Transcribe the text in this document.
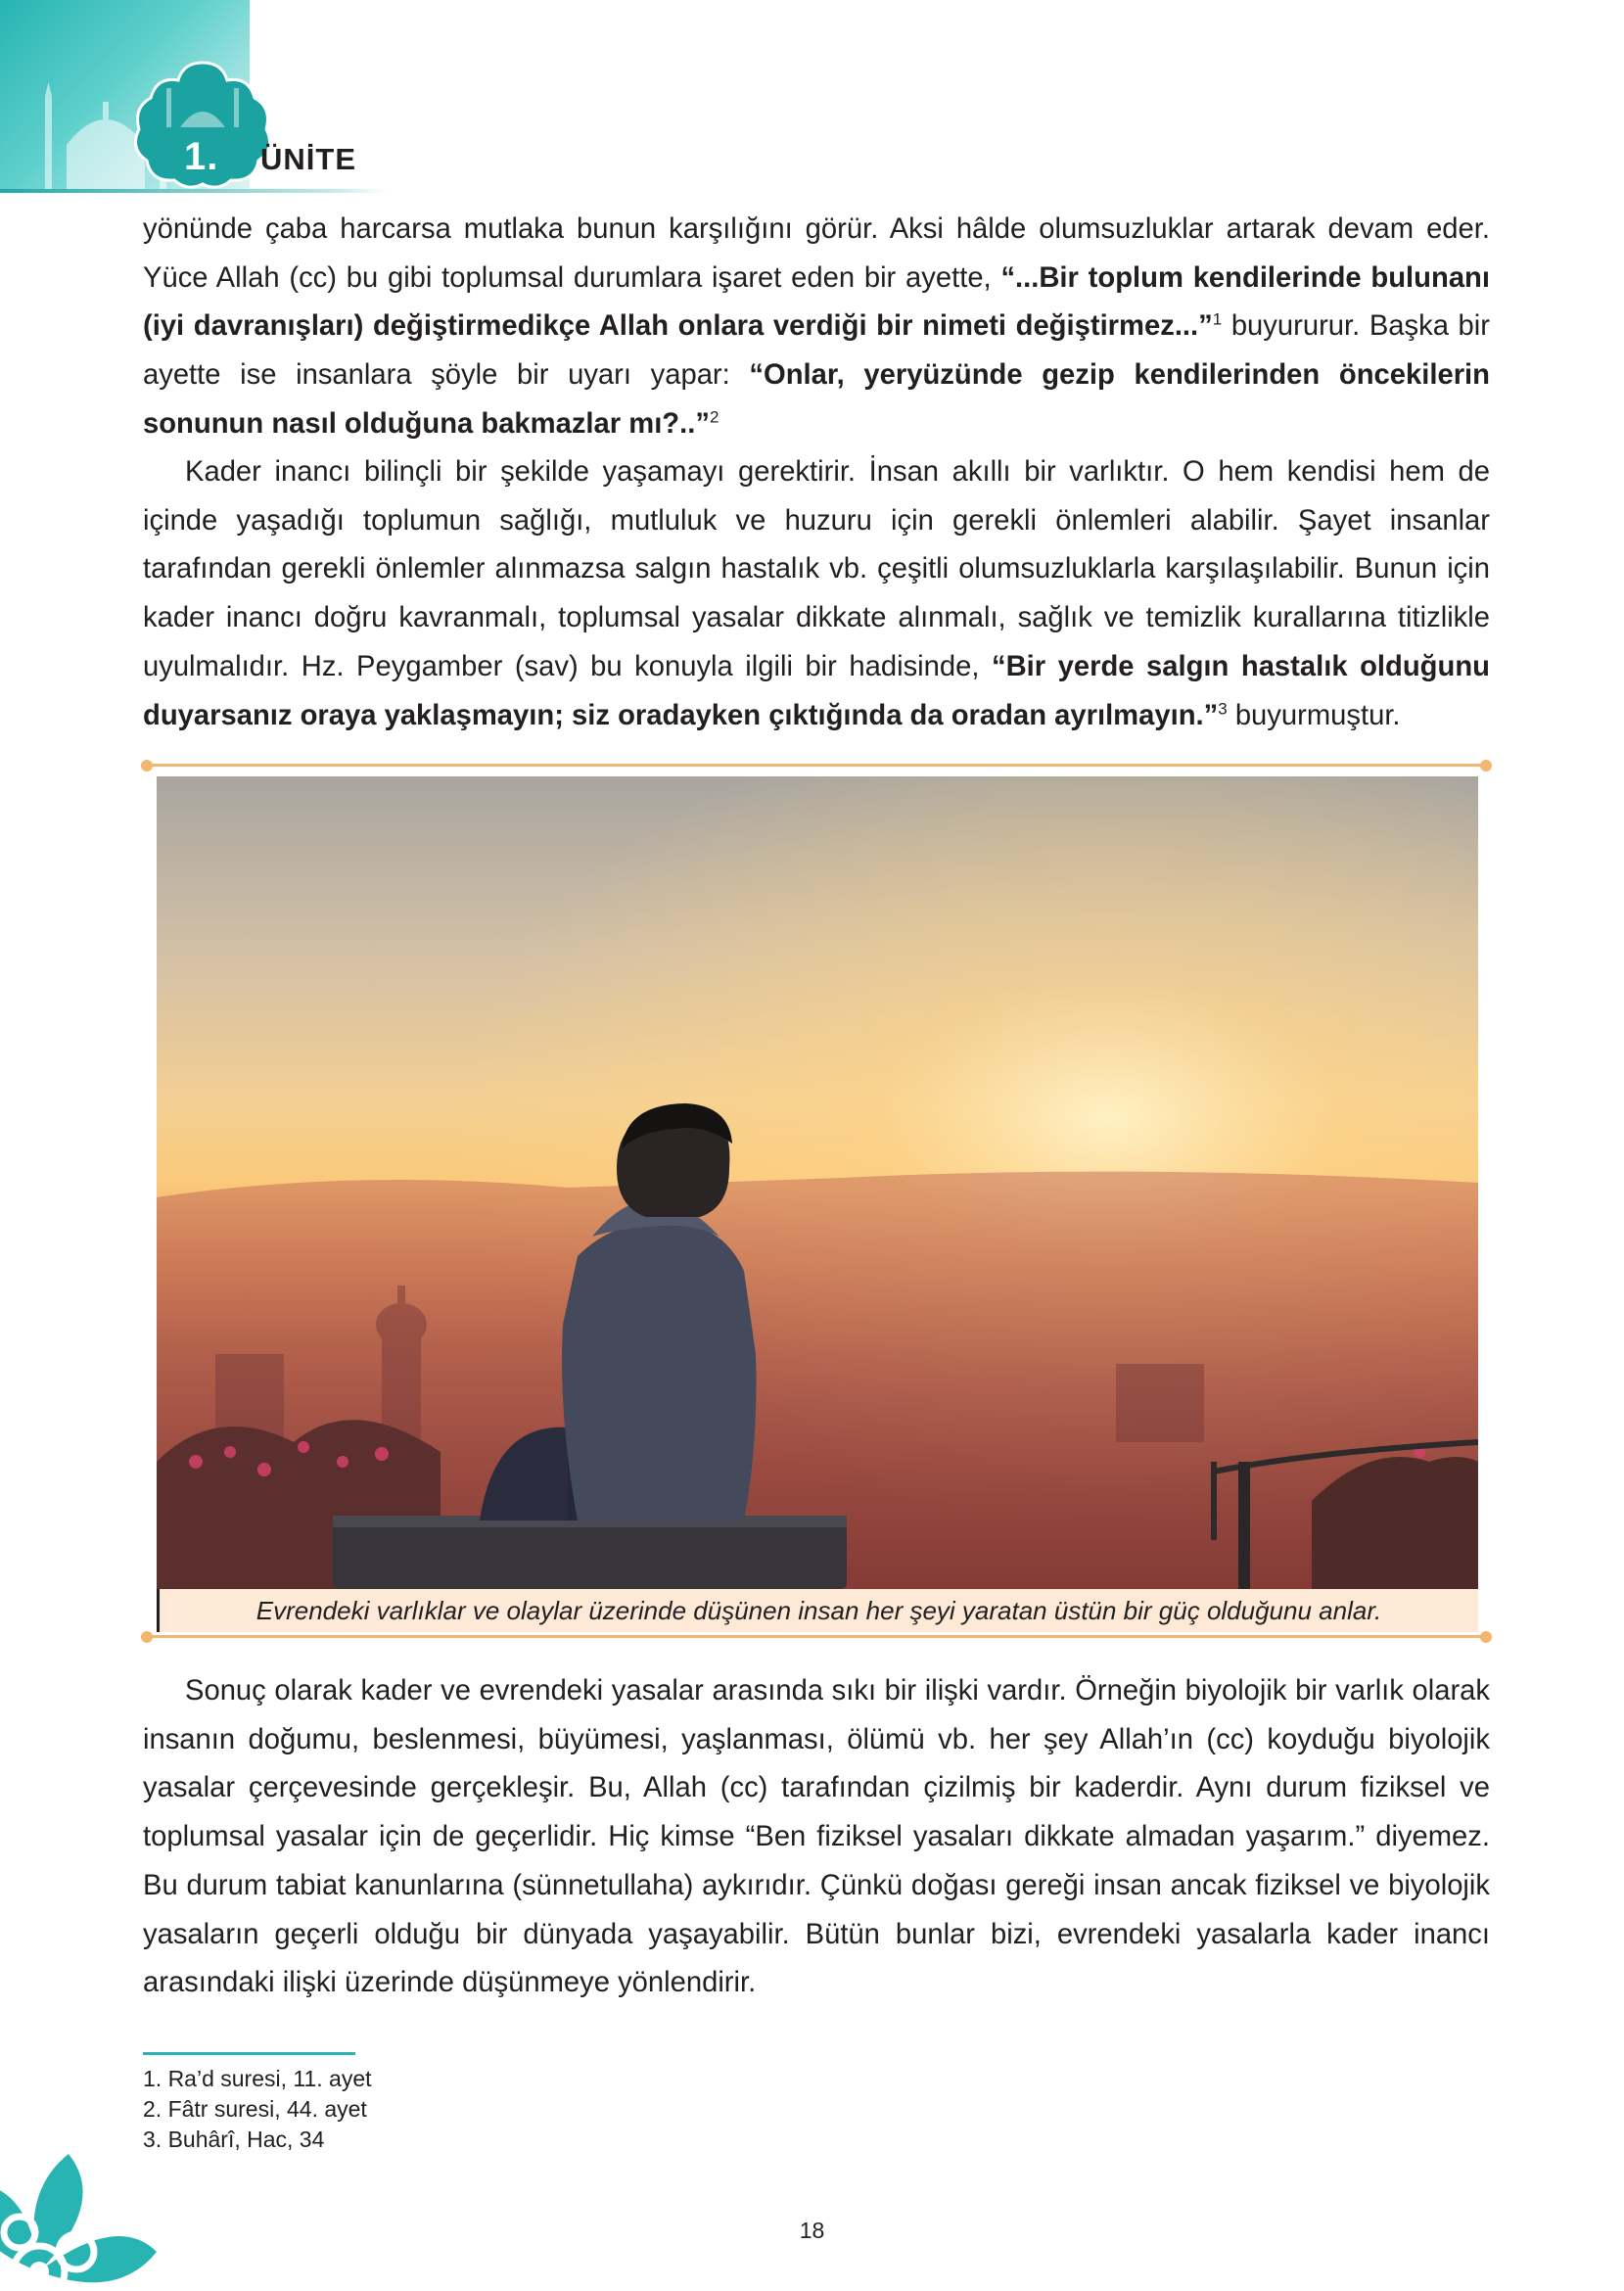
1. ÜNİTE

yönünde çaba harcarsa mutlaka bunun karşılığını görür. Aksi hâlde olumsuzluklar artarak devam eder. Yüce Allah (cc) bu gibi toplumsal durumlara işaret eden bir ayette, “...Bir toplum kendilerinde bulunanı (iyi davranışları) değiştirmedikçe Allah onlara verdiği bir nimeti değiştirmez...”$^1$ buyururur. Başka bir ayette ise insanlara şöyle bir uyarı yapar: “Onlar, yeryüzünde gezip kendilerinden öncekilerin sonunun nasıl olduğuna bakmazlar mı?..”$^2$

Kader inancı bilinçli bir şekilde yaşamayı gerektirir. İnsan akıllı bir varlıktır. O hem kendisi hem de içinde yaşadığı toplumun sağlığı, mutluluk ve huzuru için gerekli önlemleri alabilir. Şayet insanlar tarafından gerekli önlemler alınmazsa salgın hastalık vb. çeşitli olumsuzluklarla karşılaşılabilir. Bunun için kader inancı doğru kavranmalı, toplumsal yasalar dikkate alınmalı, sağlık ve temizlik kurallarına titizlikle uyulmalıdır. Hz. Peygamber (sav) bu konuyla ilgili bir hadisinde, “Bir yerde salgın hastalık olduğunu duyarsanız oraya yaklaşmayın; siz oradayken çıktığında da oradan ayrılmayın.”$^3$ buyurmuştur.

Evrendeki varlıklar ve olaylar üzerinde düşünen insan her şeyi yaratan üstün bir güç olduğunu anlar.

Sonuç olarak kader ve evrendeki yasalar arasında sıkı bir ilişki vardır. Örneğin biyolojik bir varlık olarak insanın doğumu, beslenmesi, büyümesi, yaşlanması, ölümü vb. her şey Allah’ın (cc) koyduğu biyolojik yasalar çerçevesinde gerçekleşir. Bu, Allah (cc) tarafından çizilmiş bir kaderdir. Aynı durum fiziksel ve toplumsal yasalar için de geçerlidir. Hiç kimse “Ben fiziksel yasaları dikkate almadan yaşarım.” diyemez. Bu durum tabiat kanunlarına (sünnetullaha) aykırıdır. Çünkü doğası gereği insan ancak fiziksel ve biyolojik yasaların geçerli olduğu bir dünyada yaşayabilir. Bütün bunlar bizi, evrendeki yasalarla kader inancı arasındaki ilişki üzerinde düşünmeye yönlendirir.

1. Ra’d suresi, 11. ayet
2. Fâtr suresi, 44. ayet
3. Buhârî, Hac, 34
18
